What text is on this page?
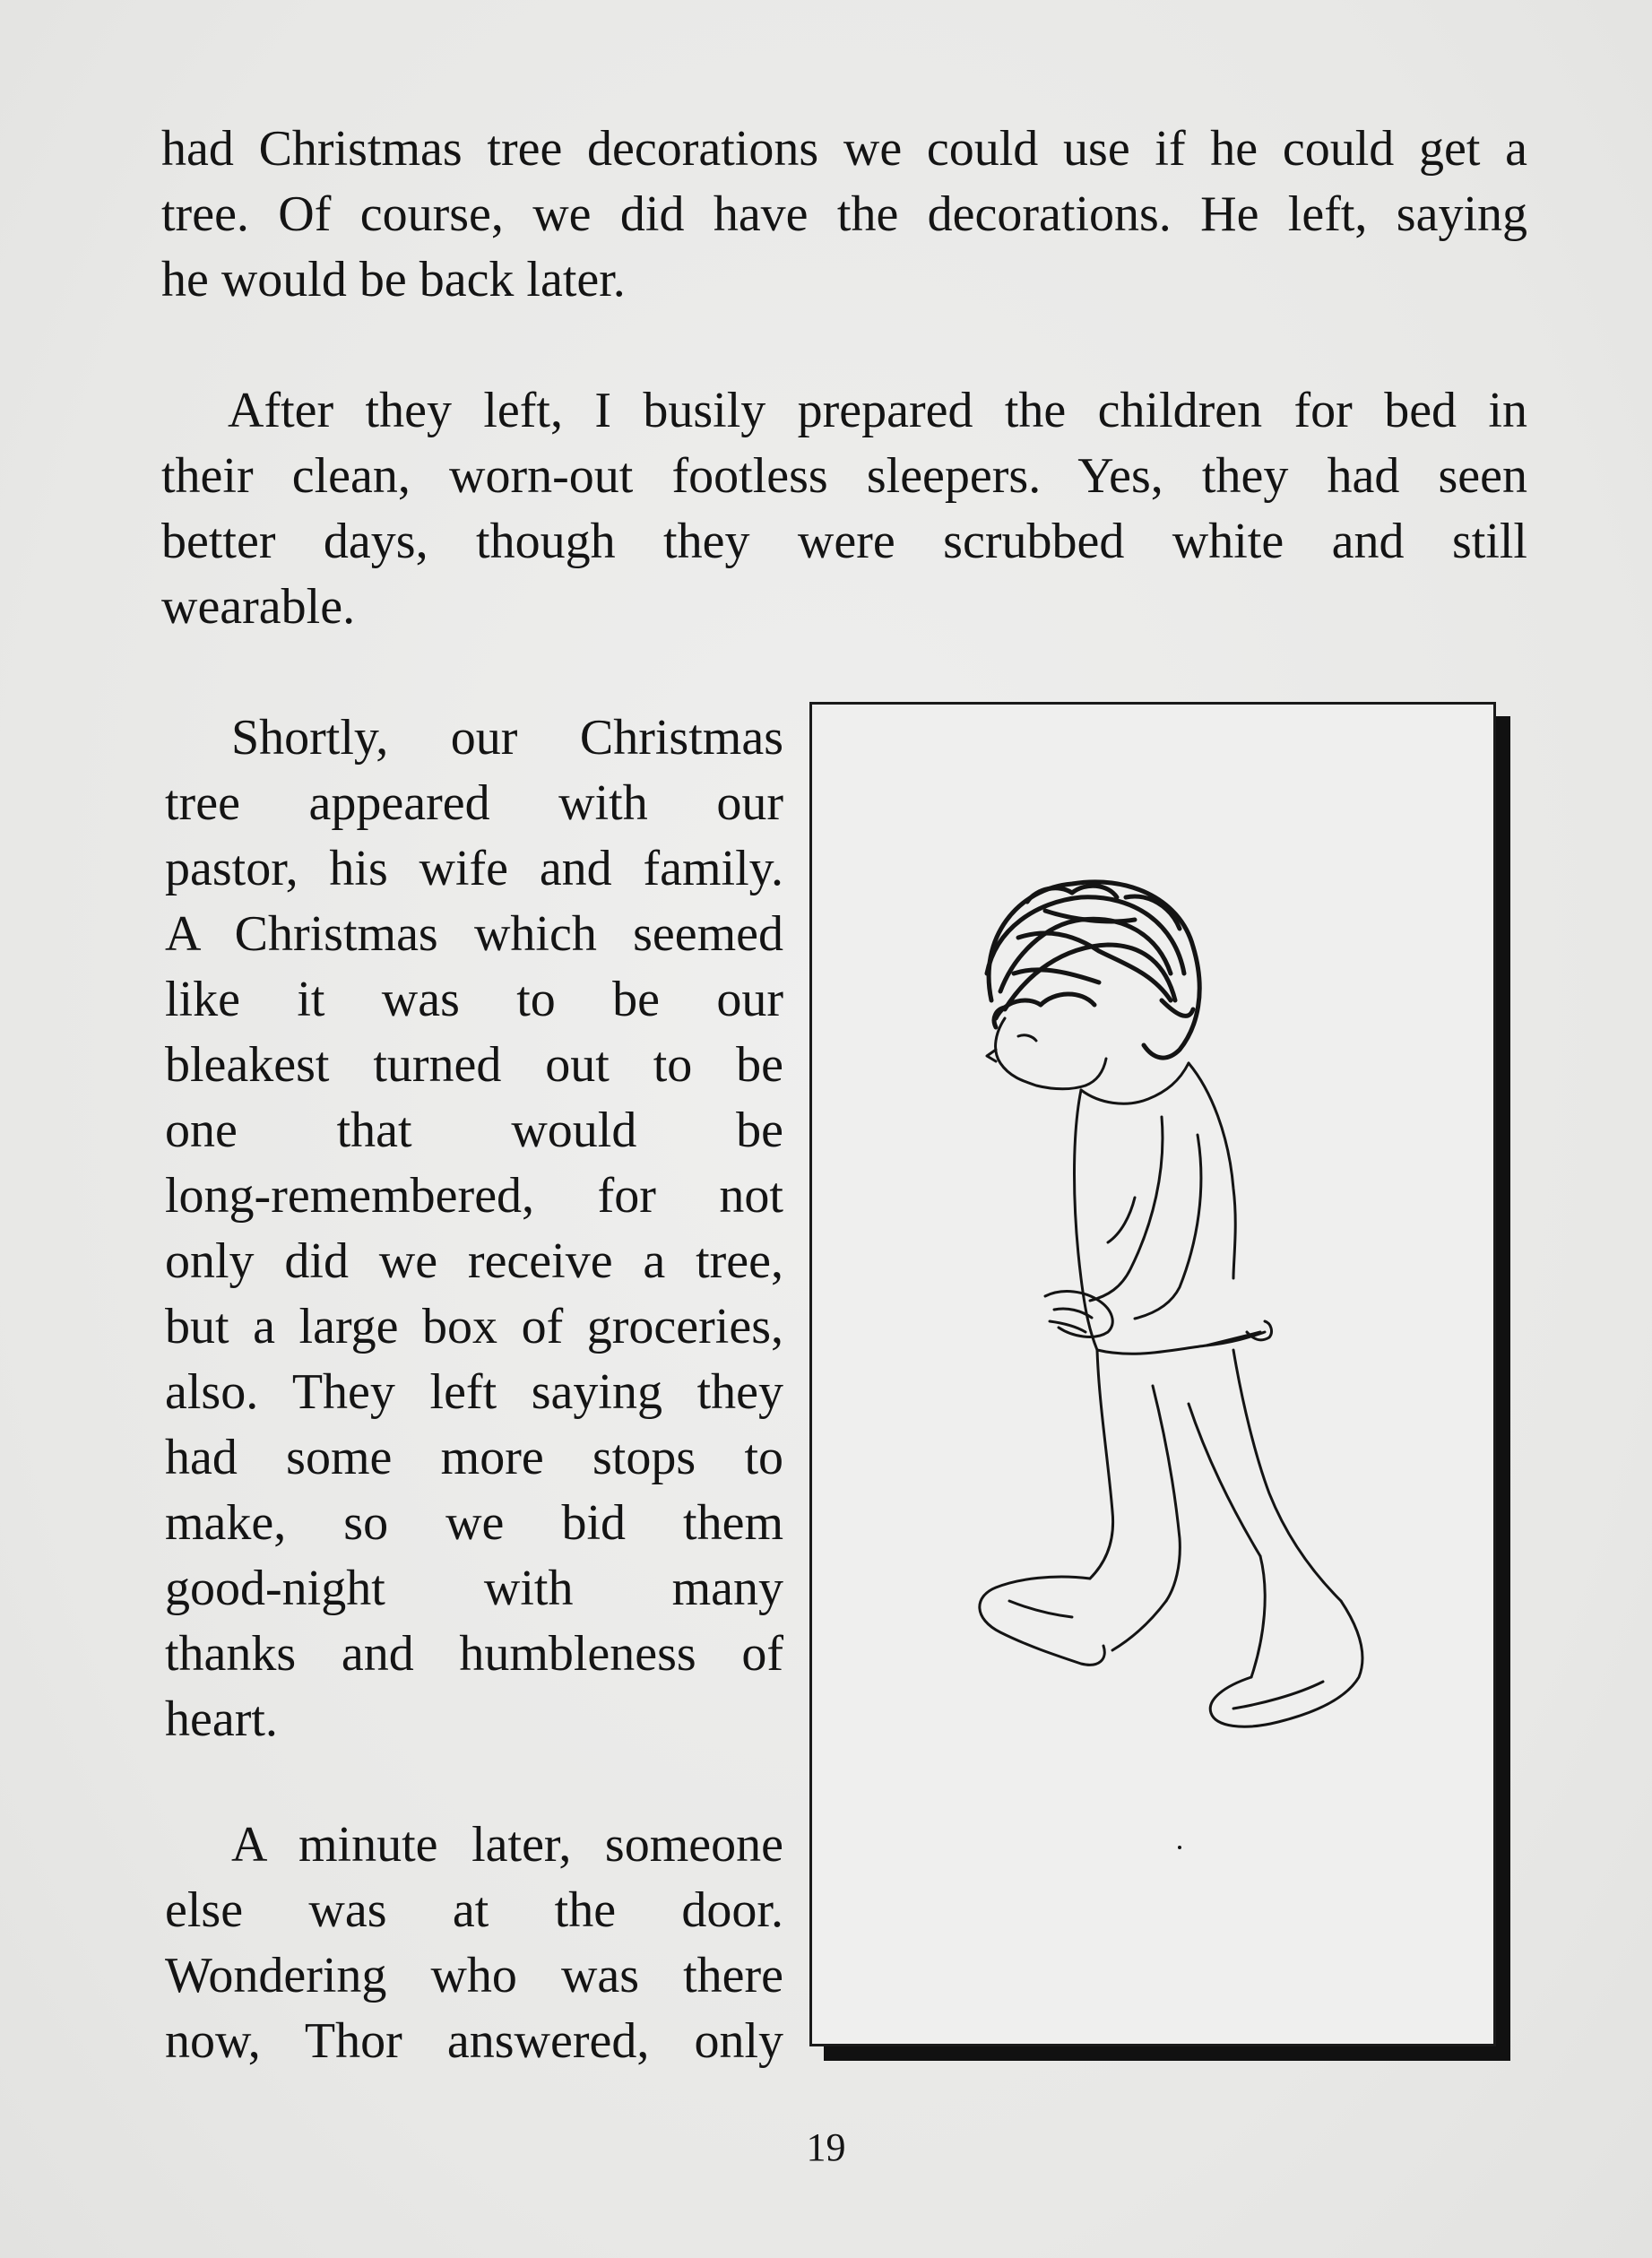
had Christmas tree decorations we could use if he could get a
tree. Of course, we did have the decorations. He left, saying
he would be back later.

After they left, I busily prepared the children for bed in
their clean, worn-out footless sleepers. Yes, they had seen
better days, though they were scrubbed white and still
wearable.

Shortly, our Christmas
tree appeared with our
pastor, his wife and family.
A Christmas which seemed
like it was to be our
bleakest turned out to be
one that would be
long-remembered, for not
only did we receive a tree,
but a large box of groceries,
also. They left saying they
had some more stops to
make, so we bid them
good-night with many
thanks and humbleness of
heart.

A minute later, someone
else was at the door.
Wondering who was there
now, Thor answered, only

19
